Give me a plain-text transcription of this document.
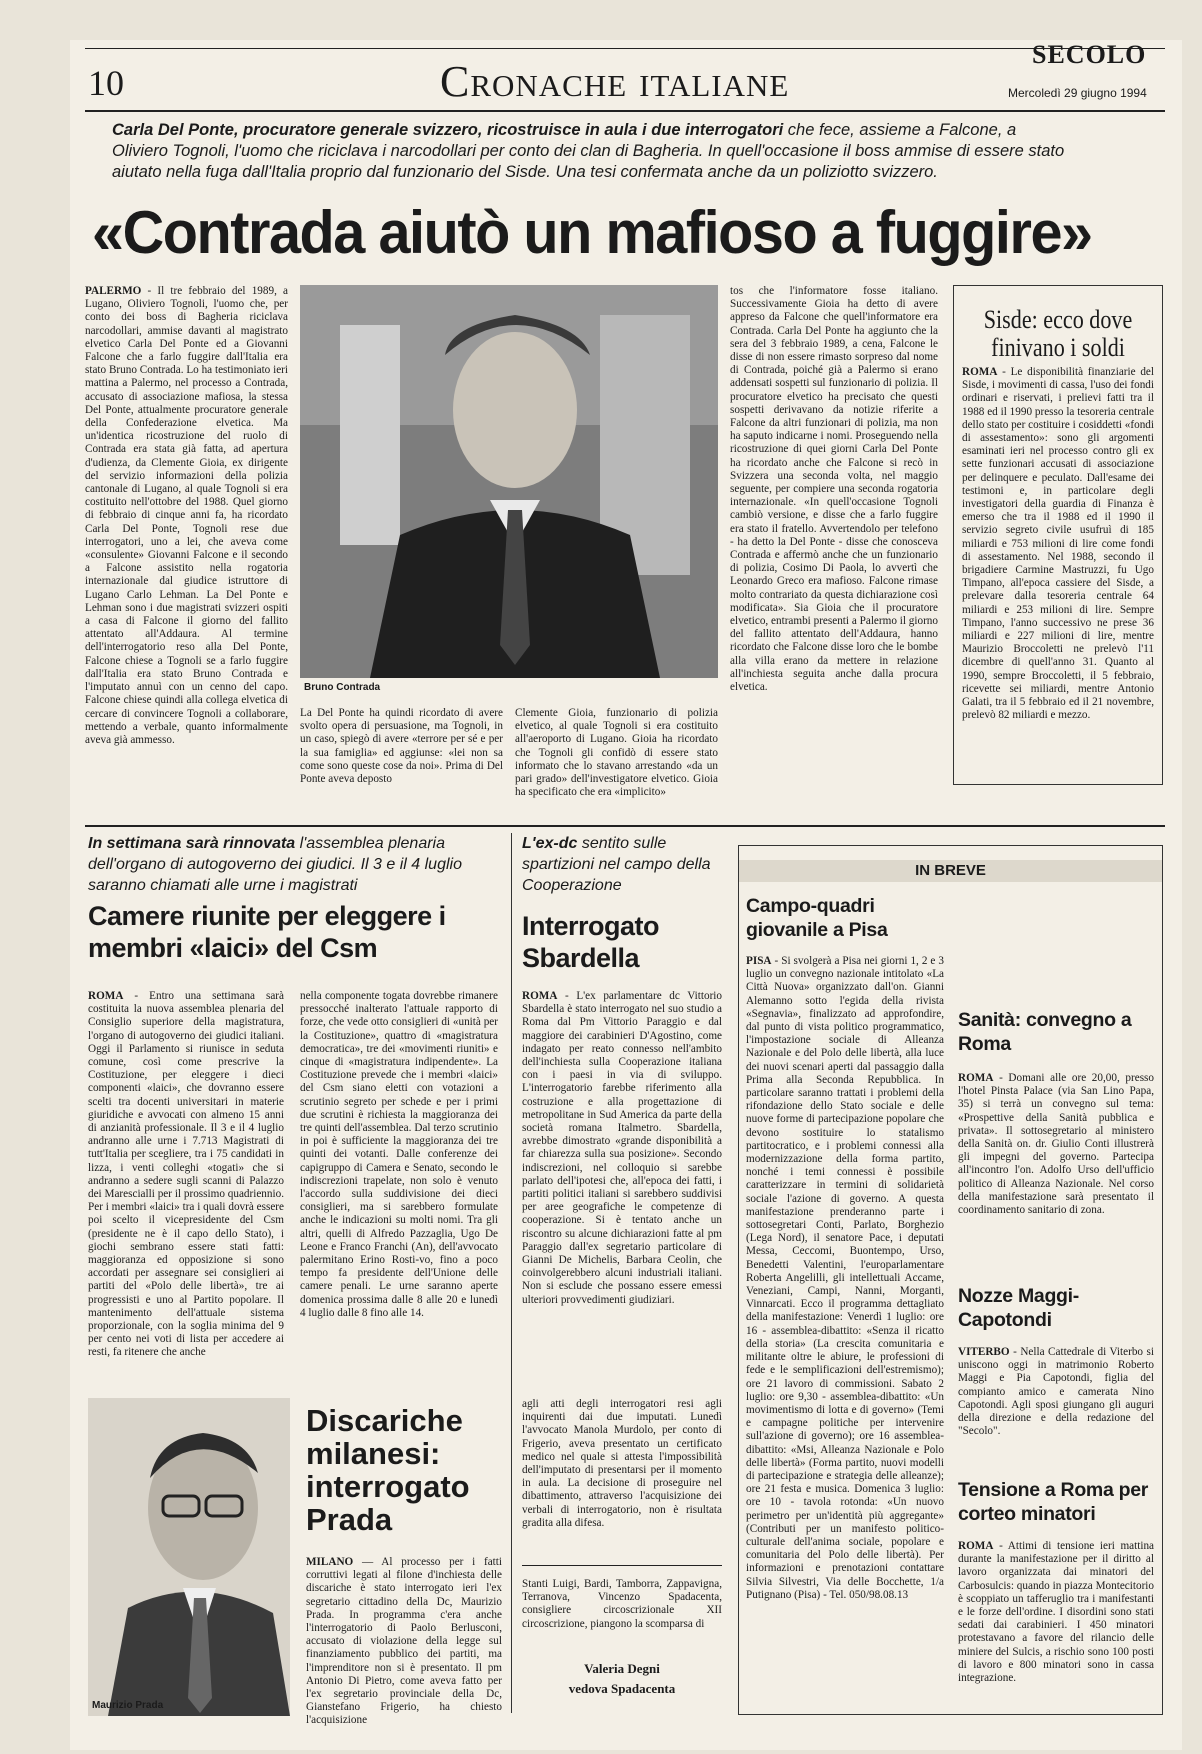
10	Cronache italiane
SECOLO
Mercoledì 29 giugno 1994
Carla Del Ponte, procuratore generale svizzero, ricostruisce in aula i due interrogatori che fece, assieme a Falcone, a Oliviero Tognoli, l'uomo che riciclava i narcodollari per conto dei clan di Bagheria. In quell'occasione il boss ammise di essere stato aiutato nella fuga dall'Italia proprio dal funzionario del Sisde. Una tesi confermata anche da un poliziotto svizzero.
«Contrada aiutò un mafioso a fuggire»
PALERMO - Il tre febbraio del 1989, a Lugano, Oliviero Tognoli, l'uomo che, per conto dei boss di Bagheria riciclava narcodollari, ammise davanti al magistrato elvetico Carla Del Ponte ed a Giovanni Falcone che a farlo fuggire dall'Italia era stato Bruno Contrada. Lo ha testimoniato ieri mattina a Palermo, nel processo a Contrada, accusato di associazione mafiosa, la stessa Del Ponte, attualmente procuratore generale della Confederazione elvetica. Ma un'identica ricostruzione del ruolo di Contrada era stata già fatta, ad apertura d'udienza, da Clemente Gioia, ex dirigente del servizio informazioni della polizia cantonale di Lugano, al quale Tognoli si era costituito nell'ottobre del 1988. Quel giorno di febbraio di cinque anni fa, ha ricordato Carla Del Ponte, Tognoli rese due interrogatori, uno a lei, che aveva come «consulente» Giovanni Falcone e il secondo a Falcone assistito nella rogatoria internazionale dal giudice istruttore di Lugano Carlo Lehman. La Del Ponte e Lehman sono i due magistrati svizzeri ospiti a casa di Falcone il giorno del fallito attentato all'Addaura. Al termine dell'interrogatorio reso alla Del Ponte, Falcone chiese a Tognoli se a farlo fuggire dall'Italia era stato Bruno Contrada e l'imputato annuì con un cenno del capo. Falcone chiese quindi alla collega elvetica di cercare di convincere Tognoli a collaborare, mettendo a verbale, quanto informalmente aveva già ammesso.
Bruno Contrada
La Del Ponte ha quindi ricordato di avere svolto opera di persuasione, ma Tognoli, in un caso, spiegò di avere «terrore per sé e per la sua famiglia» ed aggiunse: «lei non sa come sono queste cose da noi». Prima di Del Ponte aveva deposto
Clemente Gioia, funzionario di polizia elvetico, al quale Tognoli si era costituito all'aeroporto di Lugano. Gioia ha ricordato che Tognoli gli confidò di essere stato informato che lo stavano arrestando «da un pari grado» dell'investigatore elvetico. Gioia ha specificato che era «implicito»
tos che l'informatore fosse italiano. Successivamente Gioia ha detto di avere appreso da Falcone che quell'informatore era Contrada. Carla Del Ponte ha aggiunto che la sera del 3 febbraio 1989, a cena, Falcone le disse di non essere rimasto sorpreso dal nome di Contrada, poiché già a Palermo si erano addensati sospetti sul funzionario di polizia. Il procuratore elvetico ha precisato che questi sospetti derivavano da notizie riferite a Falcone da altri funzionari di polizia, ma non ha saputo indicarne i nomi. Proseguendo nella ricostruzione di quei giorni Carla Del Ponte ha ricordato anche che Falcone si recò in Svizzera una seconda volta, nel maggio seguente, per compiere una seconda rogatoria internazionale. «In quell'occasione Tognoli cambiò versione, e disse che a farlo fuggire era stato il fratello. Avvertendolo per telefono - ha detto la Del Ponte - disse che conosceva Contrada e affermò anche che un funzionario di polizia, Cosimo Di Paola, lo avvertì che Leonardo Greco era mafioso. Falcone rimase molto contrariato da questa dichiarazione così modificata». Sia Gioia che il procuratore elvetico, entrambi presenti a Palermo il giorno del fallito attentato dell'Addaura, hanno ricordato che Falcone disse loro che le bombe alla villa erano da mettere in relazione all'inchiesta seguita anche dalla procura elvetica.
Sisde: ecco dove finivano i soldi
ROMA - Le disponibilità finanziarie del Sisde, i movimenti di cassa, l'uso dei fondi ordinari e riservati, i prelievi fatti tra il 1988 ed il 1990 presso la tesoreria centrale dello stato per costituire i cosiddetti «fondi di assestamento»: sono gli argomenti esaminati ieri nel processo contro gli ex sette funzionari accusati di associazione per delinquere e peculato. Dall'esame dei testimoni e, in particolare degli investigatori della guardia di Finanza è emerso che tra il 1988 ed il 1990 il servizio segreto civile usufruì di 185 miliardi e 753 milioni di lire come fondi di assestamento. Nel 1988, secondo il brigadiere Carmine Mastruzzi, fu Ugo Timpano, all'epoca cassiere del Sisde, a prelevare dalla tesoreria centrale 64 miliardi e 253 milioni di lire. Sempre Timpano, l'anno successivo ne prese 36 miliardi e 227 milioni di lire, mentre Maurizio Broccoletti ne prelevò l'11 dicembre di quell'anno 31. Quanto al 1990, sempre Broccoletti, il 5 febbraio, ricevette sei miliardi, mentre Antonio Galati, tra il 5 febbraio ed il 21 novembre, prelevò 82 miliardi e mezzo.
In settimana sarà rinnovata l'assemblea plenaria dell'organo di autogoverno dei giudici. Il 3 e il 4 luglio saranno chiamati alle urne i magistrati
Camere riunite per eleggere i membri «laici» del Csm
ROMA - Entro una settimana sarà costituita la nuova assemblea plenaria del Consiglio superiore della magistratura, l'organo di autogoverno dei giudici italiani. Oggi il Parlamento si riunisce in seduta comune, così come prescrive la Costituzione, per eleggere i dieci componenti «laici», che dovranno essere scelti tra docenti universitari in materie giuridiche e avvocati con almeno 15 anni di anzianità professionale. Il 3 e il 4 luglio andranno alle urne i 7.713 Magistrati di tutt'Italia per scegliere, tra i 75 candidati in lizza, i venti colleghi «togati» che si andranno a sedere sugli scanni di Palazzo dei Marescialli per il prossimo quadriennio. Per i membri «laici» tra i quali dovrà essere poi scelto il vicepresidente del Csm (presidente ne è il capo dello Stato), i giochi sembrano essere stati fatti: maggioranza ed opposizione si sono accordati per assegnare sei consiglieri ai partiti del «Polo delle libertà», tre ai progressisti e uno al Partito popolare. Il mantenimento dell'attuale sistema proporzionale, con la soglia minima del 9 per cento nei voti di lista per accedere ai resti, fa ritenere che anche
nella componente togata dovrebbe rimanere pressocché inalterato l'attuale rapporto di forze, che vede otto consiglieri di «unità per la Costituzione», quattro di «magistratura democratica», tre dei «movimenti riuniti» e cinque di «magistratura indipendente». La Costituzione prevede che i membri «laici» del Csm siano eletti con votazioni a scrutinio segreto per schede e per i primi due scrutini è richiesta la maggioranza dei tre quinti dell'assemblea. Dal terzo scrutinio in poi è sufficiente la maggioranza dei tre quinti dei votanti. Dalle conferenze dei capigruppo di Camera e Senato, secondo le indiscrezioni trapelate, non solo è venuto l'accordo sulla suddivisione dei dieci consiglieri, ma si sarebbero formulate anche le indicazioni su molti nomi. Tra gli altri, quelli di Alfredo Pazzaglia, Ugo De Leone e Franco Franchi (An), dell'avvocato palermitano Erino Rosti-vo, fino a poco tempo fa presidente dell'Unione delle camere penali. Le urne saranno aperte domenica prossima dalle 8 alle 20 e lunedì 4 luglio dalle 8 fino alle 14.
L'ex-dc sentito sulle spartizioni nel campo della Cooperazione
Interrogato Sbardella
ROMA - L'ex parlamentare dc Vittorio Sbardella è stato interrogato nel suo studio a Roma dal Pm Vittorio Paraggio e dal maggiore dei carabinieri D'Agostino, come indagato per reato connesso nell'ambito dell'inchiesta sulla Cooperazione italiana con i paesi in via di sviluppo. L'interrogatorio farebbe riferimento alla costruzione e alla progettazione di metropolitane in Sud America da parte della società romana Italmetro. Sbardella, avrebbe dimostrato «grande disponibilità a far chiarezza sulla sua posizione». Secondo indiscrezioni, nel colloquio si sarebbe parlato dell'ipotesi che, all'epoca dei fatti, i partiti politici italiani si sarebbero suddivisi per aree geografiche le competenze di cooperazione. Si è tentato anche un riscontro su alcune dichiarazioni fatte al pm Paraggio dall'ex segretario particolare di Gianni De Michelis, Barbara Ceolin, che coinvolgerebbero alcuni industriali italiani. Non si esclude che possano essere emessi ulteriori provvedimenti giudiziari.
Maurizio Prada
Discariche milanesi: interrogato Prada
MILANO — Al processo per i fatti corruttivi legati al filone d'inchiesta delle discariche è stato interrogato ieri l'ex segretario cittadino della Dc, Maurizio Prada. In programma c'era anche l'interrogatorio di Paolo Berlusconi, accusato di violazione della legge sul finanziamento pubblico dei partiti, ma l'imprenditore non si è presentato. Il pm Antonio Di Pietro, come aveva fatto per l'ex segretario provinciale della Dc, Gianstefano Frigerio, ha chiesto l'acquisizione
agli atti degli interrogatori resi agli inquirenti dai due imputati. Lunedì l'avvocato Manola Murdolo, per conto di Frigerio, aveva presentato un certificato medico nel quale si attesta l'impossibilità dell'imputato di presentarsi per il momento in aula. La decisione di proseguire nel dibattimento, attraverso l'acquisizione dei verbali di interrogatorio, non è risultata gradita alla difesa.
Stanti Luigi, Bardi, Tamborra, Zappavigna, Terranova, Vincenzo Spadacenta, consigliere circoscrizionale XII circoscrizione, piangono la scomparsa di
Valeria Degni
vedova Spadacenta
IN BREVE
Campo-quadri giovanile a Pisa
PISA - Si svolgerà a Pisa nei giorni 1, 2 e 3 luglio un convegno nazionale intitolato «La Città Nuova» organizzato dall'on. Gianni Alemanno sotto l'egida della rivista «Segnavia», finalizzato ad approfondire, dal punto di vista politico programmatico, l'impostazione sociale di Alleanza Nazionale e del Polo delle libertà, alla luce dei nuovi scenari aperti dal passaggio dalla Prima alla Seconda Repubblica. In particolare saranno trattati i problemi della rifondazione dello Stato sociale e delle nuove forme di partecipazione popolare che devono sostituire lo statalismo partitocratico, e i problemi connessi alla modernizzazione della forma partito, nonché i temi connessi è possibile caratterizzare in termini di solidarietà sociale l'azione di governo. A questa manifestazione prenderanno parte i sottosegretari Conti, Parlato, Borghezio (Lega Nord), il senatore Pace, i deputati Messa, Ceccomi, Buontempo, Urso, Benedetti Valentini, l'europarlamentare Roberta Angelilli, gli intellettuali Accame, Veneziani, Campi, Nanni, Morganti, Vinnarcati. Ecco il programma dettagliato della manifestazione: Venerdì 1 luglio: ore 16 - assemblea-dibattito: «Senza il ricatto della storia» (La crescita comunitaria e militante oltre le abiure, le professioni di fede e le semplificazioni dell'estremismo); ore 21 lavoro di commissioni. Sabato 2 luglio: ore 9,30 - assemblea-dibattito: «Un movimentismo di lotta e di governo» (Temi e campagne politiche per intervenire sull'azione di governo); ore 16 assemblea-dibattito: «Msi, Alleanza Nazionale e Polo delle libertà» (Forma partito, nuovi modelli di partecipazione e strategia delle alleanze); ore 21 festa e musica. Domenica 3 luglio: ore 10 - tavola rotonda: «Un nuovo perimetro per un'identità più aggregante» (Contributi per un manifesto politico-culturale dell'anima sociale, popolare e comunitaria del Polo delle libertà). Per informazioni e prenotazioni contattare Silvia Silvestri, Via delle Bocchette, 1/a Putignano (Pisa) - Tel. 050/98.08.13
Sanità: convegno a Roma
ROMA - Domani alle ore 20,00, presso l'hotel Pinsta Palace (via San Lino Papa, 35) si terrà un convegno sul tema: «Prospettive della Sanità pubblica e privata». Il sottosegretario al ministero della Sanità on. dr. Giulio Conti illustrerà gli impegni del governo. Partecipa all'incontro l'on. Adolfo Urso dell'ufficio politico di Alleanza Nazionale. Nel corso della manifestazione sarà presentato il coordinamento sanitario di zona.
Nozze Maggi-Capotondi
VITERBO - Nella Cattedrale di Viterbo si uniscono oggi in matrimonio Roberto Maggi e Pia Capotondi, figlia del compianto amico e camerata Nino Capotondi. Agli sposi giungano gli auguri della direzione e della redazione del "Secolo".
Tensione a Roma per corteo minatori
ROMA - Attimi di tensione ieri mattina durante la manifestazione per il diritto al lavoro organizzata dai minatori del Carbosulcis: quando in piazza Montecitorio è scoppiato un tafferuglio tra i manifestanti e le forze dell'ordine. I disordini sono stati sedati dai carabinieri. I 450 minatori protestavano a favore del rilancio delle miniere del Sulcis, a rischio sono 100 posti di lavoro e 800 minatori sono in cassa integrazione.
